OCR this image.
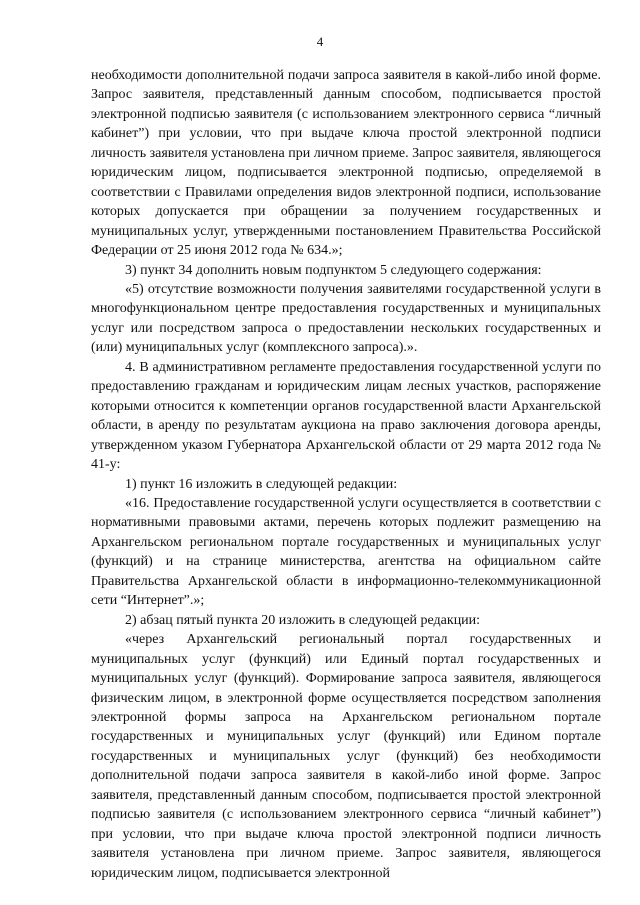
4

необходимости дополнительной подачи запроса заявителя в какой-либо иной форме. Запрос заявителя, представленный данным способом, подписывается простой электронной подписью заявителя (с использованием электронного сервиса “личный кабинет”) при условии, что при выдаче ключа простой электронной подписи личность заявителя установлена при личном приеме. Запрос заявителя, являющегося юридическим лицом, подписывается электронной подписью, определяемой в соответствии с Правилами определения видов электронной подписи, использование которых допускается при обращении за получением государственных и муниципальных услуг, утвержденными постановлением Правительства Российской Федерации от 25 июня 2012 года № 634.»;

3) пункт 34 дополнить новым подпунктом 5 следующего содержания:

«5) отсутствие возможности получения заявителями государственной услуги в многофункциональном центре предоставления государственных и муниципальных услуг или посредством запроса о предоставлении нескольких государственных и (или) муниципальных услуг (комплексного запроса).».

4. В административном регламенте предоставления государственной услуги по предоставлению гражданам и юридическим лицам лесных участков, распоряжение которыми относится к компетенции органов государственной власти Архангельской области, в аренду по результатам аукциона на право заключения договора аренды, утвержденном указом Губернатора Архангельской области от 29 марта 2012 года № 41-у:

1) пункт 16 изложить в следующей редакции:

«16. Предоставление государственной услуги осуществляется в соответствии с нормативными правовыми актами, перечень которых подлежит размещению на Архангельском региональном портале государственных и муниципальных услуг (функций) и на странице министерства, агентства на официальном сайте Правительства Архангельской области в информационно-телекоммуникационной сети “Интернет”.»;

2) абзац пятый пункта 20 изложить в следующей редакции:

«через Архангельский региональный портал государственных и муниципальных услуг (функций) или Единый портал государственных и муниципальных услуг (функций). Формирование запроса заявителя, являющегося физическим лицом, в электронной форме осуществляется посредством заполнения электронной формы запроса на Архангельском региональном портале государственных и муниципальных услуг (функций) или Едином портале государственных и муниципальных услуг (функций) без необходимости дополнительной подачи запроса заявителя в какой-либо иной форме. Запрос заявителя, представленный данным способом, подписывается простой электронной подписью заявителя (с использованием электронного сервиса “личный кабинет”) при условии, что при выдаче ключа простой электронной подписи личность заявителя установлена при личном приеме. Запрос заявителя, являющегося юридическим лицом, подписывается электронной
